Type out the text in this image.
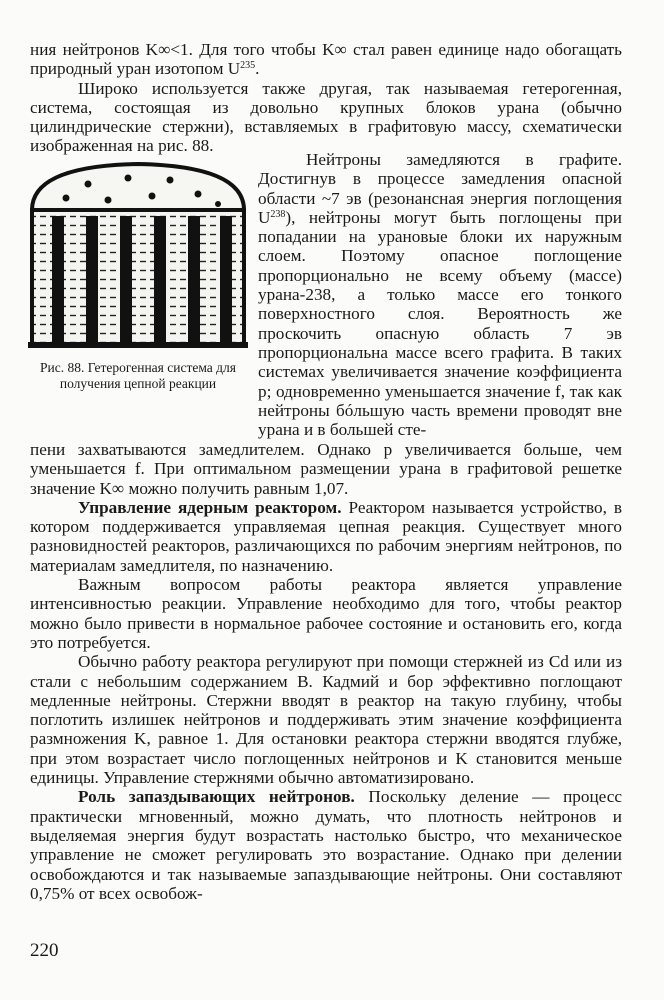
ния нейтронов K∞<1. Для того чтобы K∞ стал равен единице надо обогащать природный уран изотопом $U^{235}$.

Широко используется также другая, так называемая гетерогенная, система, состоящая из довольно крупных блоков урана (обычно цилиндрические стержни), вставляемых в графитовую массу, схематически изображенная на рис. 88.

Рис. 88. Гетерогенная система для получения цепной реакции

Нейтроны замедляются в графите. Достигнув в процессе замедления опасной области ~7 эв (резонансная энергия поглощения $U^{238}$), нейтроны могут быть поглощены при попадании на урановые блоки их наружным слоем. Поэтому опасное поглощение пропорционально не всему объему (массе) урана-238, а только массе его тонкого поверхностного слоя. Вероятность же проскочить опасную область 7 эв пропорциональна массе всего графита. В таких системах увеличивается значение коэффициента p; одновременно уменьшается значение f, так как нейтроны бóльшую часть времени проводят вне урана и в большей сте-

пени захватываются замедлителем. Однако p увеличивается больше, чем уменьшается f. При оптимальном размещении урана в графитовой решетке значение K∞ можно получить равным 1,07.

Управление ядерным реактором. Реактором называется устройство, в котором поддерживается управляемая цепная реакция. Существует много разновидностей реакторов, различающихся по рабочим энергиям нейтронов, по материалам замедлителя, по назначению.

Важным вопросом работы реактора является управление интенсивностью реакции. Управление необходимо для того, чтобы реактор можно было привести в нормальное рабочее состояние и остановить его, когда это потребуется.

Обычно работу реактора регулируют при помощи стержней из Cd или из стали с небольшим содержанием B. Кадмий и бор эффективно поглощают медленные нейтроны. Стержни вводят в реактор на такую глубину, чтобы поглотить излишек нейтронов и поддерживать этим значение коэффициента размножения K, равное 1. Для остановки реактора стержни вводятся глубже, при этом возрастает число поглощенных нейтронов и K становится меньше единицы. Управление стержнями обычно автоматизировано.

Роль запаздывающих нейтронов. Поскольку деление — процесс практически мгновенный, можно думать, что плотность нейтронов и выделяемая энергия будут возрастать настолько быстро, что механическое управление не сможет регулировать это возрастание. Однако при делении освобождаются и так называемые запаздывающие нейтроны. Они составляют 0,75% от всех освобож-

220
